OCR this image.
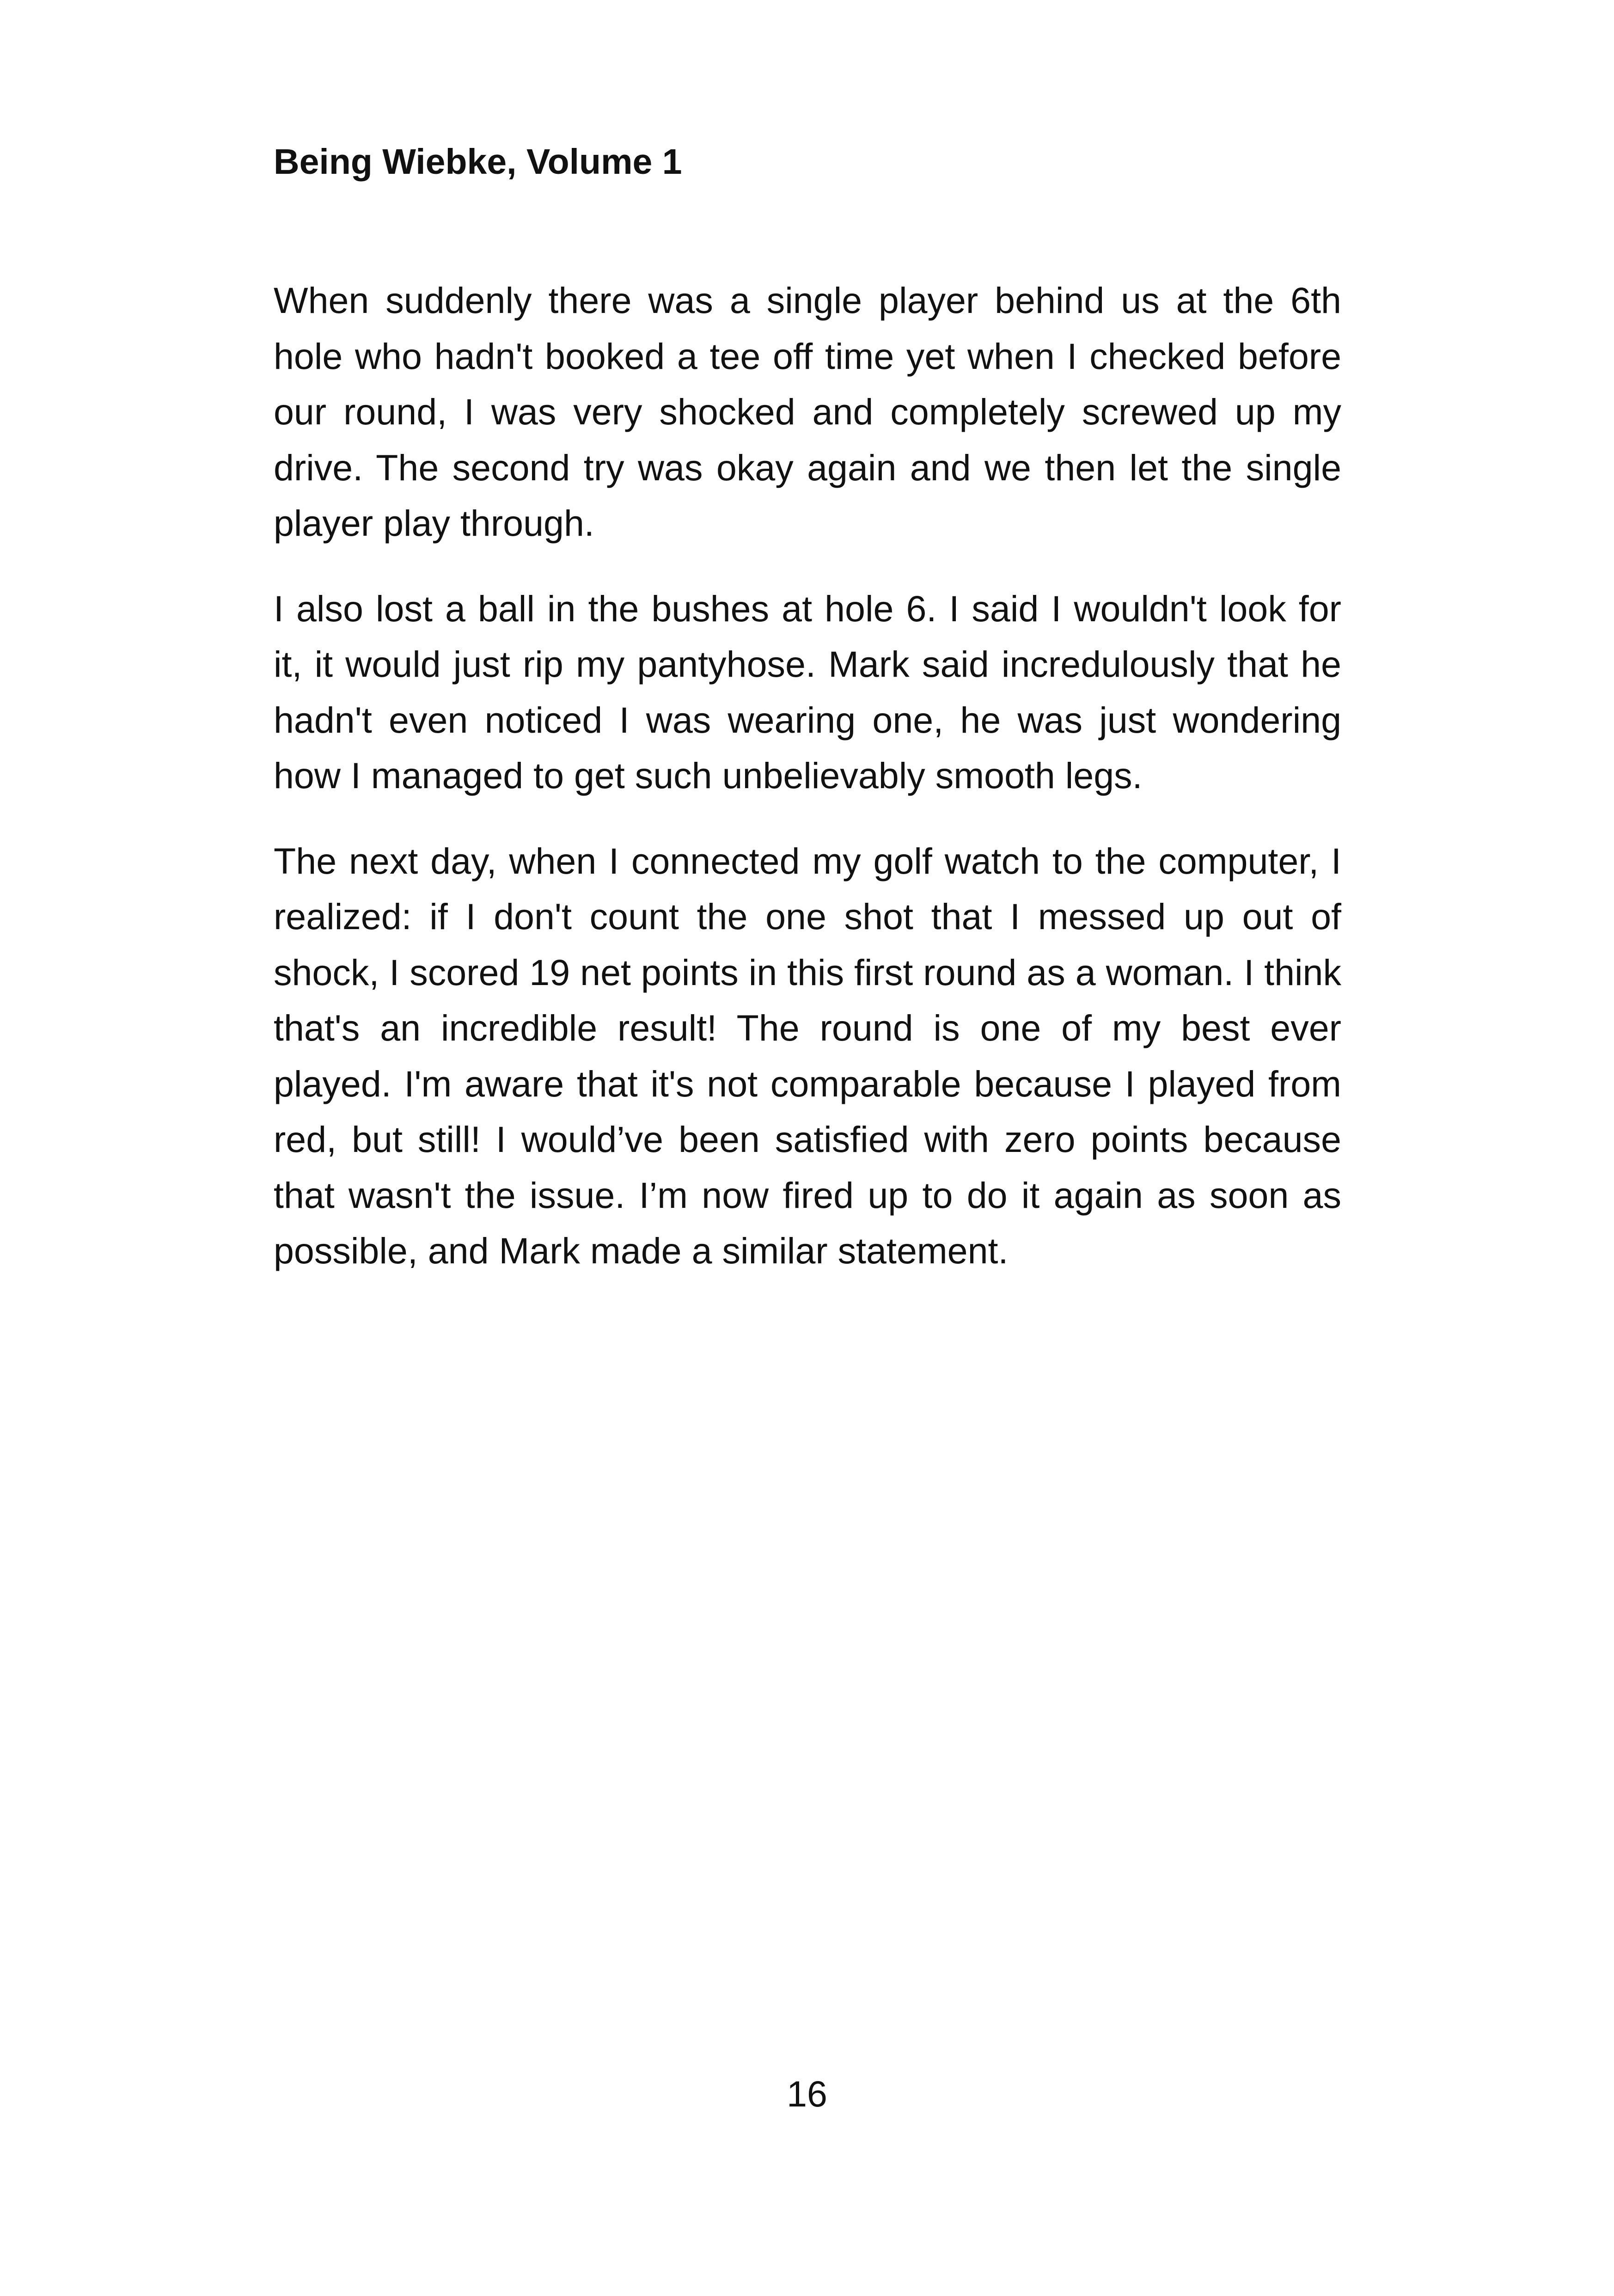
Being Wiebke, Volume 1

When suddenly there was a single player behind us at the 6th hole who hadn't booked a tee off time yet when I checked before our round, I was very shocked and completely screwed up my drive. The second try was okay again and we then let the single player play through.

I also lost a ball in the bushes at hole 6. I said I wouldn't look for it, it would just rip my pantyhose. Mark said incredulously that he hadn't even noticed I was wearing one, he was just wondering how I managed to get such unbelievably smooth legs.

The next day, when I connected my golf watch to the computer, I realized: if I don't count the one shot that I messed up out of shock, I scored 19 net points in this first round as a woman. I think that's an incredible result! The round is one of my best ever played. I'm aware that it's not comparable because I played from red, but still! I would’ve been satisfied with zero points because that wasn't the issue. I’m now fired up to do it again as soon as possible, and Mark made a similar statement.

16
